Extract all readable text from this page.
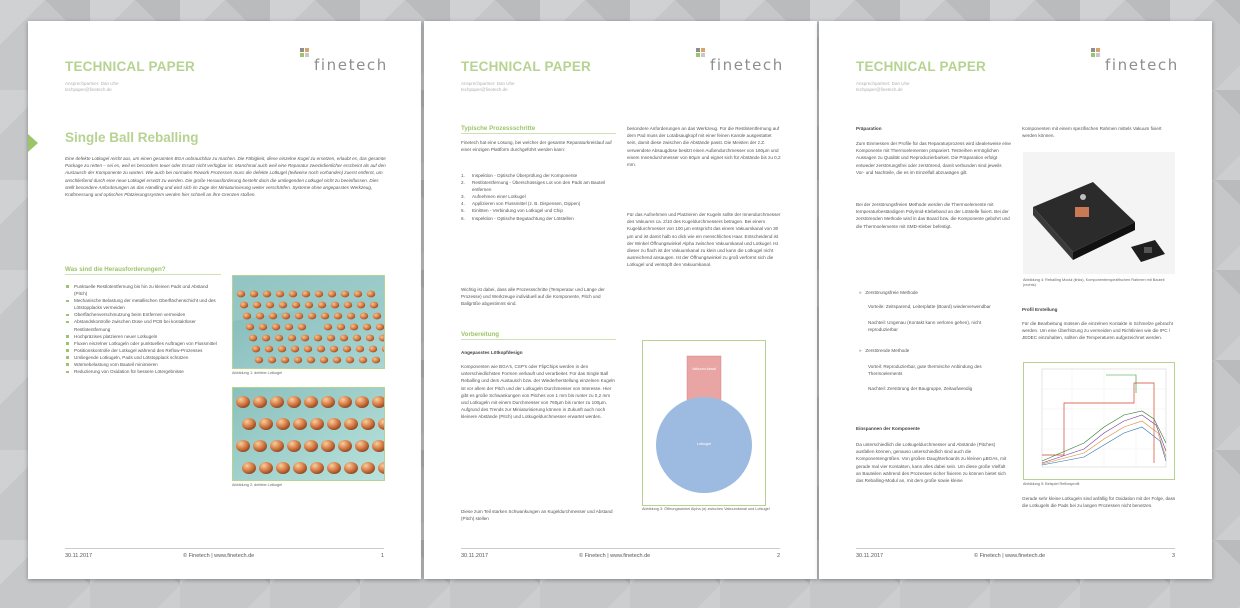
TECHNICAL PAPER	finetech
Ansprechpartner: Dan Uhe
techpaper@finetech.de
Single Ball Reballing
Eine defekte Lotkugel reicht aus, um einen gesamten BGA unbrauchbar zu machen. Die Fähigkeit, diese einzelne Kugel zu ersetzen, erlaubt es, das gesamte Package zu retten – sei es, weil es besonders teuer oder Ersatz nicht verfügbar ist. Manchmal auch weil eine Reparatur zweckdienlicher erscheint als auf den Austausch der Komponente zu warten. Wie auch bei normalen Rework Prozessen muss die defekte Lotkugel (teilweise noch vorhanden) zuerst entfernt, um anschließend durch eine neue Lotkugel ersetzt zu werden. Die große Herausforderung besteht darin die umliegenden Lotkugel nicht zu beeinflussen. Dies stellt besondere Anforderungen an das Handling und wird sich im Zuge der Miniaturisierung weiter verschärfen. Systeme ohne angepasstes Werkzeug, Kraftmessung und optisches Platzierungssystem werden hier schnell an ihre Grenzen stoßen.
Was sind die Herausforderungen?
Punktuelle Restlotentfernung bis hin zu kleinen Pads und Abstand (Pitch)
Mechanische Belastung der metallischen Oberflächenschicht und des Lötstopplacks vermeiden
Oberflächenverschmutzung beim Entfernen vermeiden
Abstandskontrolle zwischen Düse und PCB bei kontaktloser Restlotentfernung
Hochpräzises platzieren neuer Lotkugeln
Fluxen einzelner Lotkugeln oder punktuelles Auftragen von Flussmittel
Positionskontrolle der Lotkugel während des Reflow-Prozesses
Umliegende Lotkugeln, Pads und Lötstopplack schützen
Wärmebelastung vom Bauteil minimieren
Reduzierung von Oxidation für bessere Lötergebnisse	Abbildung 1: defekte Lotkugel
Abbildung 2: defekte Lotkugel
30.11.2017	© Finetech | www.finetech.de	1
TECHNICAL PAPER	finetech
Ansprechpartner: Dan Uhe
techpaper@finetech.de
Typische Prozessschritte
Finetech hat eine Lösung, bei welcher der gesamte Reparaturkreislauf auf einer einzigen Plattform durchgeführt werden kann:
1. Inspektion - Optische Überprüfung der Komponente
2. Restlotentfernung - Überschüssiges Lot von den Pads am Bauteil entfernen
3. Aufnehmen einer Lotkugel
4. Applizieren von Flussmittel (z. B. Dispensen, Dippen)
5. Einlöten - Verbindung von Lotkugel und Chip
6. Inspektion - Optische Begutachtung der Lötstellen
Wichtig ist dabei, dass alle Prozessschritte (Temperatur und Länge der Prozesse) und Werkzeuge individuell auf die Komponente, Pitch und Ballgröße abgestimmt sind.
Vorbereitung
Angepasstes Lötkopfdesign
Komponenten wie BGA's, CSP's oder FlipChips werden in den unterschiedlichsten Formen verkauft und verarbeitet. Für das Single Ball Reballing und dem Austausch bzw. der Wiederherstellung einzelnen Kugeln ist vor allem der Pitch und der Lotkugeln Durchmesser von Interesse. Hier gibt es große Schwankungen von Pitches von 1 mm bis runter zu 0,2 mm und Lotkugeln mit einem Durchmesser von 760µm bis runter zu 100µm. Aufgrund des Trends zur Miniaturisierung können in Zukunft auch noch kleinere Abstände (Pitch) und Lotkugeldurchmesser erwartet werden.
Diese zum Teil starken Schwankungen an Kugeldurchmesser und Abstand (Pitch) stellen
besondere Anforderungen an das Werkzeug. Für die Restlotentfernung auf dem Pad muss der Lotabsaugkopf mit einer feinen Kanüle ausgestattet sein, damit diese zwischen die Abstände passt. Die Meisten der z.Z. verwendete Absaugdüse besitzt einen Außendurchmesser von 160µm und einem Innendurchmesser von 60µm und eignet sich für Abstände bis zu 0,2 mm.
Für das Aufnehmen und Platzieren der Kugeln sollte der Innendurchmesser des Vakuums ca. 2/10 des Kugeldurchmessers betragen. Bei einem Kugeldurchmesser von 100 µm entspricht das einem Vakuumkanal von 30 µm und ist damit halb so dick wie ein menschliches Haar. Entscheidend ist der Winkel Öffnungswinkel Alpha zwischen Vakuumkanal und Lotkugel. Ist dieser zu flach ist der Vakuumkanal zu klein und kann die Lotkugel nicht ausreichend ansaugen. Ist der Öffnungswinkel zu groß verformt sich die Lotkugel und verstopft den Vakuumkanal.
Vakuum-kanal
Lotkugel
Abbildung 3: Öffnungswinkel Alpha (α) zwischen Vakuumkanal und Lotkugel
30.11.2017	© Finetech | www.finetech.de	2
TECHNICAL PAPER	finetech
Ansprechpartner: Dan Uhe
techpaper@finetech.de
Präparation
Zum Einmessen der Profile für das Reparaturprozess wird idealerweise eine Komponente mit Thermoelementen präpariert. Testreihen ermöglichen Aussagen zu Qualität und Reproduzierbarkeit. Die Präparation erfolgt entweder zerstörungsfrei oder zerstörend, damit verbunden sind jeweils Vor- und Nachteile, die es im Einzelfall abzuwägen gilt.
Bei der zerstörungsfreien Methode werden die Thermoelemente mit temperaturbeständigem Polyimid-Klebeband an der Lötstelle fixiert. Bei der zerstörenden Methode wird in das Board bzw. die Komponente gebohrt und die Thermoelemente mit SMD-Kleber befestigt.
»   Zerstörungsfreie Methode
Vorteile: Zeitsparend, Leiterplatte (Board) wiederverwendbar
Nachteil: Ungenau (Kontakt kann verloren gehen), nicht reproduzierbar
»   Zerstörende Methode
Vorteil: Reproduzierbar, gute thermische Anbindung des Thermoelements
Nachteil: Zerstörung der Baugruppe, Zeitaufwendig
Einspannen der Komponente
Da unterschiedlich die Lotkugeldurchmesser und Abstände (Pitches) ausfallen können, genauso unterschiedlich sind auch die Komponentengrößen. Von großen Daughterboards zu kleinen µBGAs, mit gerade mal vier Kontakten, kann alles dabei sein. Um diese große Vielfalt an Bauteilen während des Prozesses sicher fixieren zu können bietet sich das Reballing-Modul an, mit dem große sowie kleine
Komponenten mit einem spezifischen Rahmen mittels Vakuum fixiert werden können.
Abbildung 4: Reballing Modul (links), Komponentenspezifischen Rahmen mit Bauteil (rechts)
Profil Erstellung
Für die Bearbeitung müssen die einzelnen Kontakte in Schmelze gebracht werden. Um eine Überhitzung zu vermeiden und Richtlinien wie die IPC / JEDEC einzuhalten, sollten die Temperaturen aufgezeichnet werden.
Abbildung 5: Beispiel Reflowprofil
Gerade sehr kleine Lotkugeln sind anfällig für Oxidation mit der Folge, dass die Lotkugeln die Pads bei zu langen Prozessen nicht benetzen.
30.11.2017	© Finetech | www.finetech.de	3
